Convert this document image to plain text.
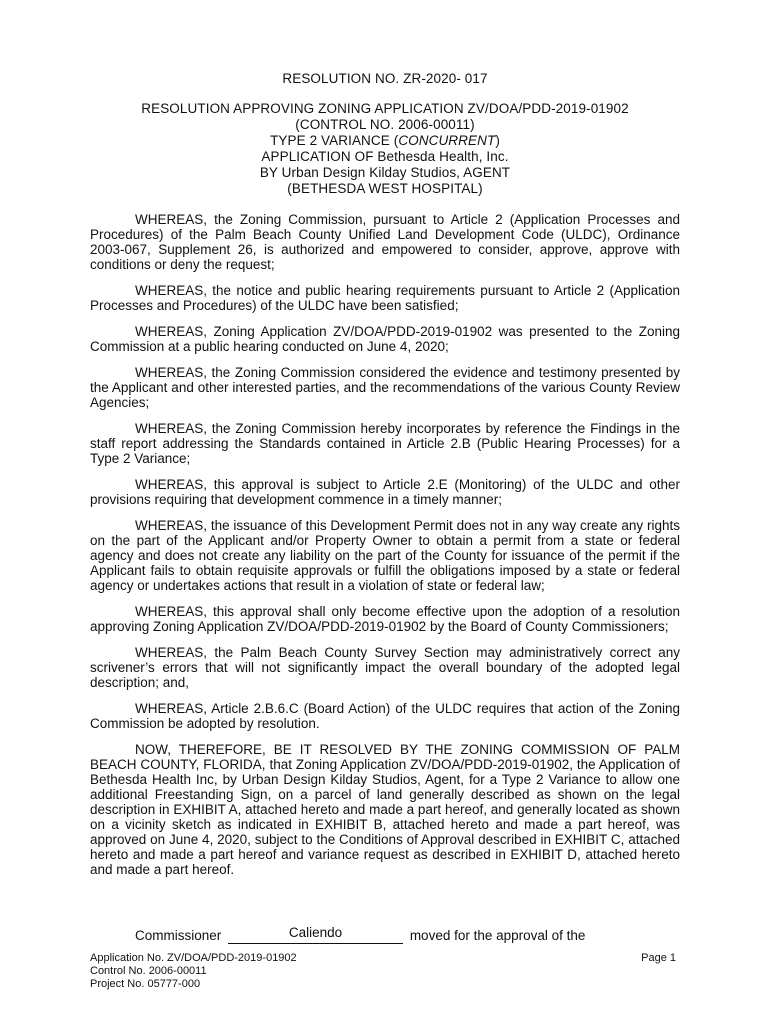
RESOLUTION NO. ZR-2020- 017
RESOLUTION APPROVING ZONING APPLICATION ZV/DOA/PDD-2019-01902
(CONTROL NO. 2006-00011)
TYPE 2 VARIANCE (CONCURRENT)
APPLICATION OF Bethesda Health, Inc.
BY Urban Design Kilday Studios, AGENT
(BETHESDA WEST HOSPITAL)

WHEREAS, the Zoning Commission, pursuant to Article 2 (Application Processes and Procedures) of the Palm Beach County Unified Land Development Code (ULDC), Ordinance 2003-067, Supplement 26, is authorized and empowered to consider, approve, approve with conditions or deny the request;

WHEREAS, the notice and public hearing requirements pursuant to Article 2 (Application Processes and Procedures) of the ULDC have been satisfied;

WHEREAS, Zoning Application ZV/DOA/PDD-2019-01902 was presented to the Zoning Commission at a public hearing conducted on June 4, 2020;

WHEREAS, the Zoning Commission considered the evidence and testimony presented by the Applicant and other interested parties, and the recommendations of the various County Review Agencies;

WHEREAS, the Zoning Commission hereby incorporates by reference the Findings in the staff report addressing the Standards contained in Article 2.B (Public Hearing Processes) for a Type 2 Variance;

WHEREAS, this approval is subject to Article 2.E (Monitoring) of the ULDC and other provisions requiring that development commence in a timely manner;

WHEREAS, the issuance of this Development Permit does not in any way create any rights on the part of the Applicant and/or Property Owner to obtain a permit from a state or federal agency and does not create any liability on the part of the County for issuance of the permit if the Applicant fails to obtain requisite approvals or fulfill the obligations imposed by a state or federal agency or undertakes actions that result in a violation of state or federal law;

WHEREAS, this approval shall only become effective upon the adoption of a resolution approving Zoning Application ZV/DOA/PDD-2019-01902 by the Board of County Commissioners;

WHEREAS, the Palm Beach County Survey Section may administratively correct any scrivener’s errors that will not significantly impact the overall boundary of the adopted legal description; and,

WHEREAS, Article 2.B.6.C (Board Action) of the ULDC requires that action of the Zoning Commission be adopted by resolution.

NOW, THEREFORE, BE IT RESOLVED BY THE ZONING COMMISSION OF PALM BEACH COUNTY, FLORIDA, that Zoning Application ZV/DOA/PDD-2019-01902, the Application of Bethesda Health Inc, by Urban Design Kilday Studios, Agent, for a Type 2 Variance to allow one additional Freestanding Sign, on a parcel of land generally described as shown on the legal description in EXHIBIT A, attached hereto and made a part hereof, and generally located as shown on a vicinity sketch as indicated in EXHIBIT B, attached hereto and made a part hereof, was approved on June 4, 2020, subject to the Conditions of Approval described in EXHIBIT C, attached hereto and made a part hereof and variance request as described in EXHIBIT D, attached hereto and made a part hereof.

Commissioner	Caliendo	moved for the approval of the
Application No. ZV/DOA/PDD-2019-01902
Control No. 2006-00011
Project No. 05777-000
Page 1
